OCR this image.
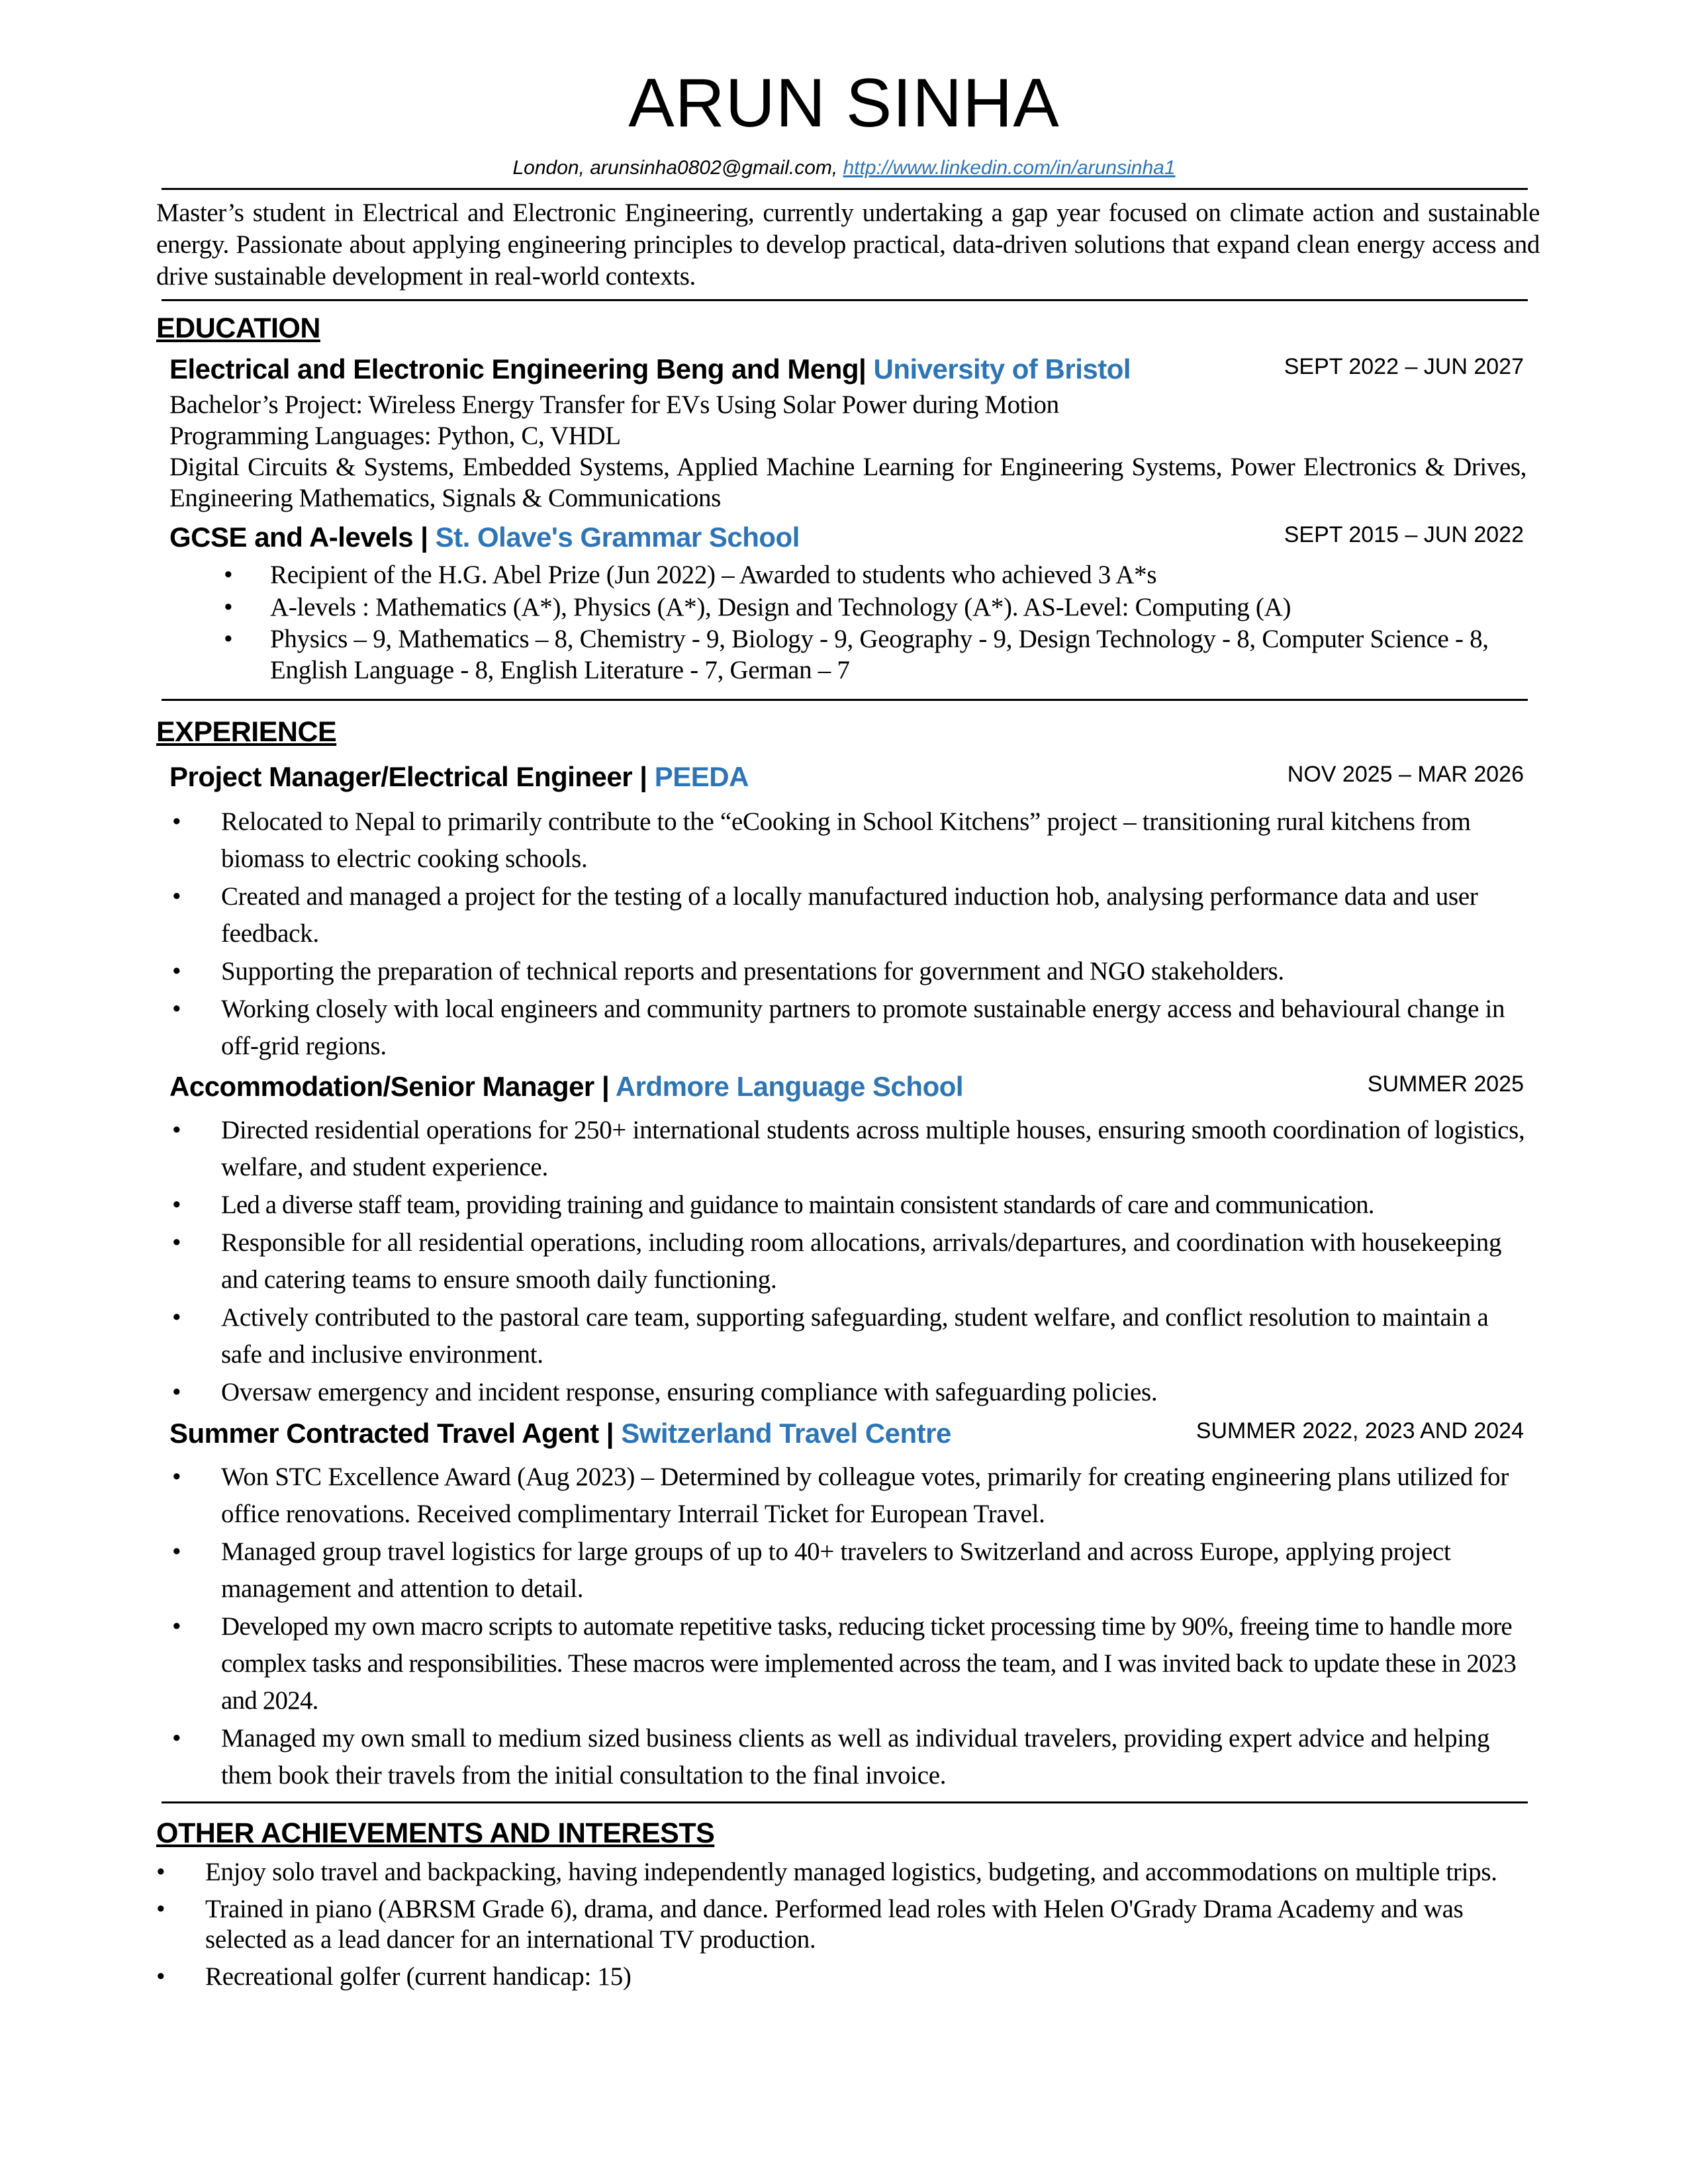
ARUN SINHA
London, arunsinha0802@gmail.com, http://www.linkedin.com/in/arunsinha1
Master’s student in Electrical and Electronic Engineering, currently undertaking a gap year focused on climate action and sustainable energy. Passionate about applying engineering principles to develop practical, data-driven solutions that expand clean energy access and drive sustainable development in real-world contexts.
EDUCATION
Electrical and Electronic Engineering Beng and Meng| University of Bristol	SEPT 2022 – JUN 2027
Bachelor’s Project: Wireless Energy Transfer for EVs Using Solar Power during Motion
Programming Languages: Python, C, VHDL
Digital Circuits & Systems, Embedded Systems, Applied Machine Learning for Engineering Systems, Power Electronics & Drives, Engineering Mathematics, Signals & Communications
GCSE and A-levels | St. Olave's Grammar School	SEPT 2015 – JUN 2022
• Recipient of the H.G. Abel Prize (Jun 2022) – Awarded to students who achieved 3 A*s
• A-levels : Mathematics (A*), Physics (A*), Design and Technology (A*). AS-Level: Computing (A)
• Physics – 9, Mathematics – 8, Chemistry - 9, Biology - 9, Geography - 9, Design Technology - 8, Computer Science - 8, English Language - 8, English Literature - 7, German – 7
EXPERIENCE
Project Manager/Electrical Engineer | PEEDA	NOV 2025 – MAR 2026
• Relocated to Nepal to primarily contribute to the “eCooking in School Kitchens” project – transitioning rural kitchens from biomass to electric cooking schools.
• Created and managed a project for the testing of a locally manufactured induction hob, analysing performance data and user feedback.
• Supporting the preparation of technical reports and presentations for government and NGO stakeholders.
• Working closely with local engineers and community partners to promote sustainable energy access and behavioural change in off-grid regions.
Accommodation/Senior Manager | Ardmore Language School	SUMMER 2025
• Directed residential operations for 250+ international students across multiple houses, ensuring smooth coordination of logistics, welfare, and student experience.
• Led a diverse staff team, providing training and guidance to maintain consistent standards of care and communication.
• Responsible for all residential operations, including room allocations, arrivals/departures, and coordination with housekeeping and catering teams to ensure smooth daily functioning.
• Actively contributed to the pastoral care team, supporting safeguarding, student welfare, and conflict resolution to maintain a safe and inclusive environment.
• Oversaw emergency and incident response, ensuring compliance with safeguarding policies.
Summer Contracted Travel Agent | Switzerland Travel Centre	SUMMER 2022, 2023 AND 2024
• Won STC Excellence Award (Aug 2023) – Determined by colleague votes, primarily for creating engineering plans utilized for office renovations. Received complimentary Interrail Ticket for European Travel.
• Managed group travel logistics for large groups of up to 40+ travelers to Switzerland and across Europe, applying project management and attention to detail.
• Developed my own macro scripts to automate repetitive tasks, reducing ticket processing time by 90%, freeing time to handle more complex tasks and responsibilities. These macros were implemented across the team, and I was invited back to update these in 2023 and 2024.
• Managed my own small to medium sized business clients as well as individual travelers, providing expert advice and helping them book their travels from the initial consultation to the final invoice.
OTHER ACHIEVEMENTS AND INTERESTS
• Enjoy solo travel and backpacking, having independently managed logistics, budgeting, and accommodations on multiple trips.
• Trained in piano (ABRSM Grade 6), drama, and dance. Performed lead roles with Helen O'Grady Drama Academy and was selected as a lead dancer for an international TV production.
• Recreational golfer (current handicap: 15)
